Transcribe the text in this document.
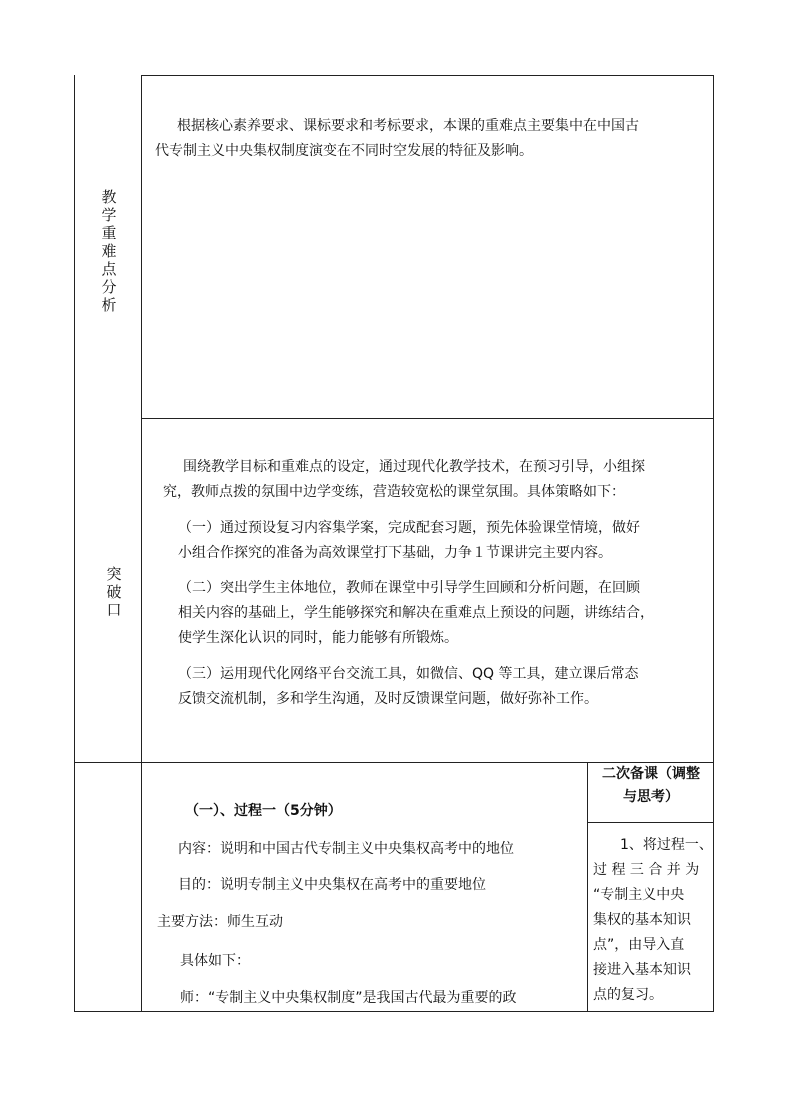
教
学
重
难
点
分
析
根据核心素养要求、课标要求和考标要求，本课的重难点主要集中在中国古
代专制主义中央集权制度演变在不同时空发展的特征及影响。
突
破
口
围绕教学目标和重难点的设定，通过现代化教学技术，在预习引导，小组探
究，教师点拨的氛围中边学变练，营造较宽松的课堂氛围。具体策略如下：
（一）通过预设复习内容集学案，完成配套习题，预先体验课堂情境，做好
小组合作探究的准备为高效课堂打下基础，力争１节课讲完主要内容。
（二）突出学生主体地位，教师在课堂中引导学生回顾和分析问题，在回顾
相关内容的基础上，学生能够探究和解决在重难点上预设的问题，讲练结合，
使学生深化认识的同时，能力能够有所锻炼。
（三）运用现代化网络平台交流工具，如微信、QQ 等工具，建立课后常态
反馈交流机制，多和学生沟通，及时反馈课堂问题，做好弥补工作。
（一）、过程一（5分钟）
内容：说明和中国古代专制主义中央集权高考中的地位
目的：说明专制主义中央集权在高考中的重要地位
主要方法：师生互动
具体如下：
师：“专制主义中央集权制度”是我国古代最为重要的政
二次备课（调整
与思考）
1、将过程一、
过 程 三 合 并 为
“专制主义中央
集权的基本知识
点”，由导入直
接进入基本知识
点的复习。
